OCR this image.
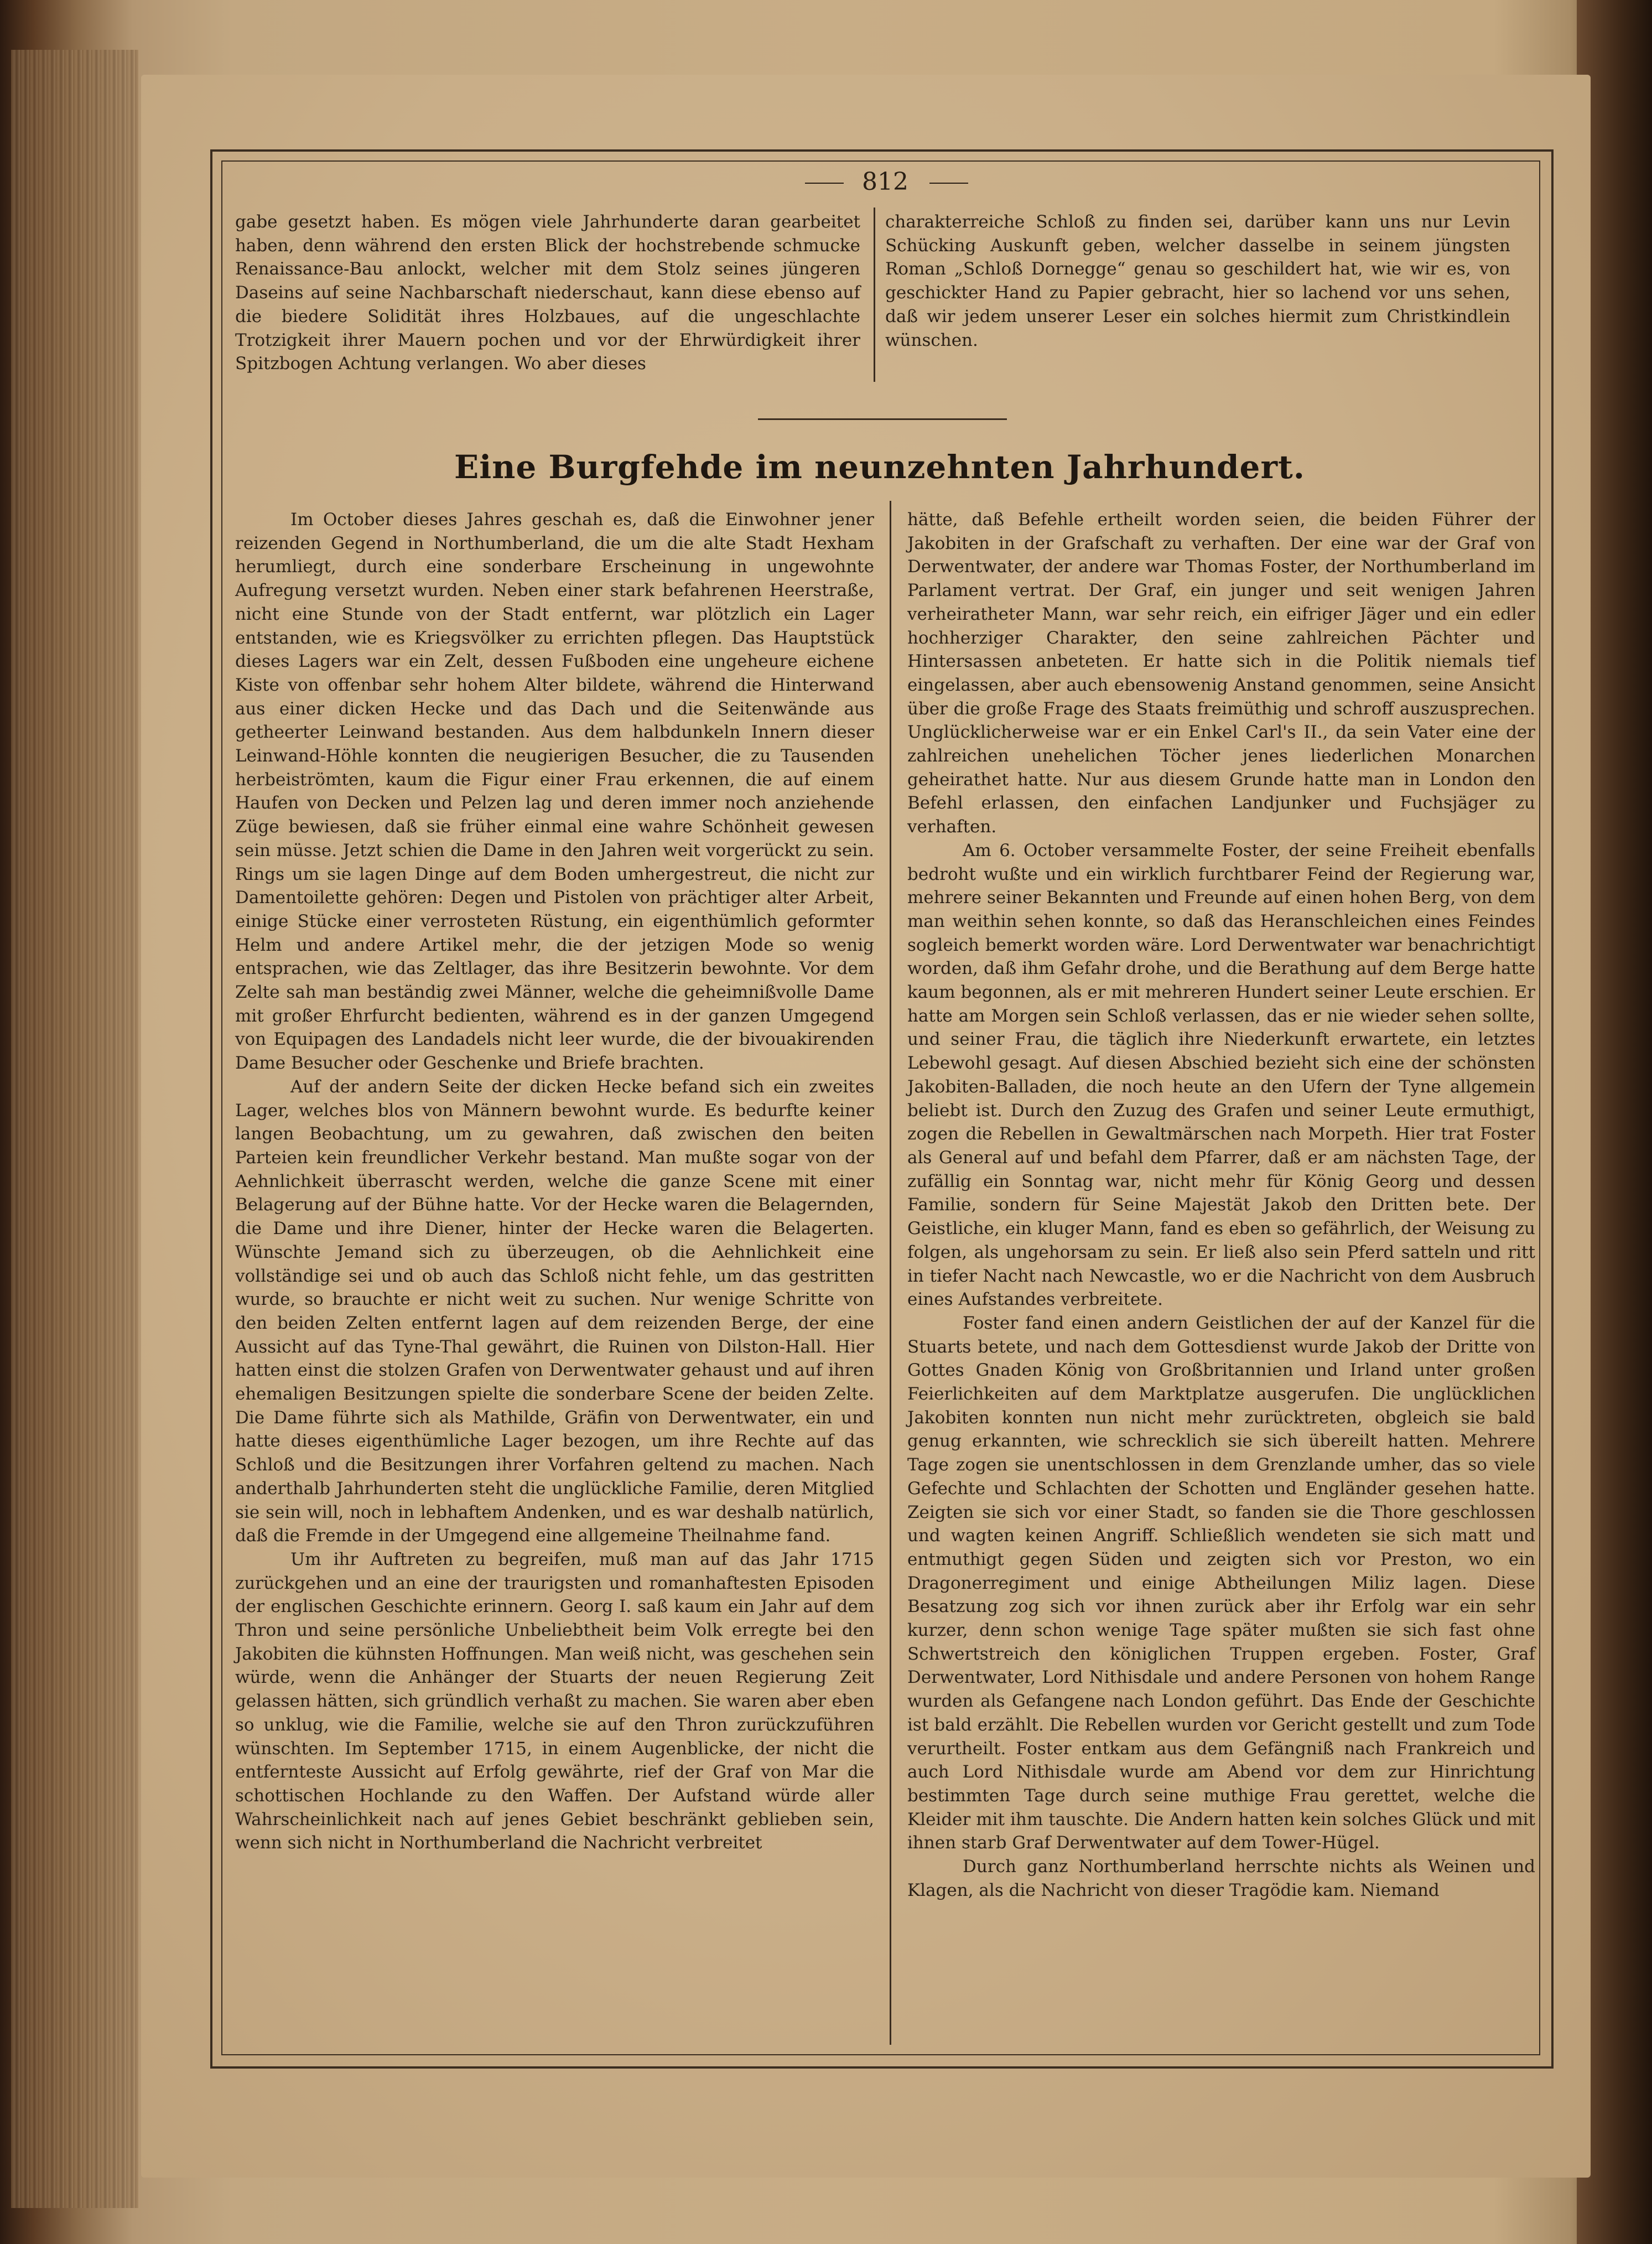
812

gabe gesetzt haben. Es mögen viele Jahrhunderte daran gearbeitet haben, denn während den ersten Blick der hochstrebende schmucke Renaissance-Bau anlockt, welcher mit dem Stolz seines jüngeren Daseins auf seine Nachbarschaft niederschaut, kann diese ebenso auf die biedere Solidität ihres Holzbaues, auf die ungeschlachte Trotzigkeit ihrer Mauern pochen und vor der Ehrwürdigkeit ihrer Spitzbogen Achtung verlangen. Wo aber dieses

charakterreiche Schloß zu finden sei, darüber kann uns nur Levin Schücking Auskunft geben, welcher dasselbe in seinem jüngsten Roman „Schloß Dornegge“ genau so geschildert hat, wie wir es, von geschickter Hand zu Papier gebracht, hier so lachend vor uns sehen, daß wir jedem unserer Leser ein solches hiermit zum Christkindlein wünschen.

Eine Burgfehde im neunzehnten Jahrhundert.

Im October dieses Jahres geschah es, daß die Einwohner jener reizenden Gegend in Northumberland, die um die alte Stadt Hexham herumliegt, durch eine sonderbare Erscheinung in ungewohnte Aufregung versetzt wurden. Neben einer stark befahrenen Heerstraße, nicht eine Stunde von der Stadt entfernt, war plötzlich ein Lager entstanden, wie es Kriegsvölker zu errichten pflegen. Das Hauptstück dieses Lagers war ein Zelt, dessen Fußboden eine ungeheure eichene Kiste von offenbar sehr hohem Alter bildete, während die Hinterwand aus einer dicken Hecke und das Dach und die Seitenwände aus getheerter Leinwand bestanden. Aus dem halbdunkeln Innern dieser Leinwand-Höhle konnten die neugierigen Besucher, die zu Tausenden herbeiströmten, kaum die Figur einer Frau erkennen, die auf einem Haufen von Decken und Pelzen lag und deren immer noch anziehende Züge bewiesen, daß sie früher einmal eine wahre Schönheit gewesen sein müsse. Jetzt schien die Dame in den Jahren weit vorgerückt zu sein. Rings um sie lagen Dinge auf dem Boden umhergestreut, die nicht zur Damentoilette gehören: Degen und Pistolen von prächtiger alter Arbeit, einige Stücke einer verrosteten Rüstung, ein eigenthümlich geformter Helm und andere Artikel mehr, die der jetzigen Mode so wenig entsprachen, wie das Zeltlager, das ihre Besitzerin bewohnte. Vor dem Zelte sah man beständig zwei Männer, welche die geheimnißvolle Dame mit großer Ehrfurcht bedienten, während es in der ganzen Umgegend von Equipagen des Landadels nicht leer wurde, die der bivouakirenden Dame Besucher oder Geschenke und Briefe brachten.

Auf der andern Seite der dicken Hecke befand sich ein zweites Lager, welches blos von Männern bewohnt wurde. Es bedurfte keiner langen Beobachtung, um zu gewahren, daß zwischen den beiten Parteien kein freundlicher Verkehr bestand. Man mußte sogar von der Aehnlichkeit überrascht werden, welche die ganze Scene mit einer Belagerung auf der Bühne hatte. Vor der Hecke waren die Belagernden, die Dame und ihre Diener, hinter der Hecke waren die Belagerten. Wünschte Jemand sich zu überzeugen, ob die Aehnlichkeit eine vollständige sei und ob auch das Schloß nicht fehle, um das gestritten wurde, so brauchte er nicht weit zu suchen. Nur wenige Schritte von den beiden Zelten entfernt lagen auf dem reizenden Berge, der eine Aussicht auf das Tyne-Thal gewährt, die Ruinen von Dilston-Hall. Hier hatten einst die stolzen Grafen von Derwentwater gehaust und auf ihren ehemaligen Besitzungen spielte die sonderbare Scene der beiden Zelte. Die Dame führte sich als Mathilde, Gräfin von Derwentwater, ein und hatte dieses eigenthümliche Lager bezogen, um ihre Rechte auf das Schloß und die Besitzungen ihrer Vorfahren geltend zu machen. Nach anderthalb Jahrhunderten steht die unglückliche Familie, deren Mitglied sie sein will, noch in lebhaftem Andenken, und es war deshalb natürlich, daß die Fremde in der Umgegend eine allgemeine Theilnahme fand.

Um ihr Auftreten zu begreifen, muß man auf das Jahr 1715 zurückgehen und an eine der traurigsten und romanhaftesten Episoden der englischen Geschichte erinnern. Georg I. saß kaum ein Jahr auf dem Thron und seine persönliche Unbeliebtheit beim Volk erregte bei den Jakobiten die kühnsten Hoffnungen. Man weiß nicht, was geschehen sein würde, wenn die Anhänger der Stuarts der neuen Regierung Zeit gelassen hätten, sich gründlich verhaßt zu machen. Sie waren aber eben so unklug, wie die Familie, welche sie auf den Thron zurückzuführen wünschten. Im September 1715, in einem Augenblicke, der nicht die entfernteste Aussicht auf Erfolg gewährte, rief der Graf von Mar die schottischen Hochlande zu den Waffen. Der Aufstand würde aller Wahrscheinlichkeit nach auf jenes Gebiet beschränkt geblieben sein, wenn sich nicht in Northumberland die Nachricht verbreitet

hätte, daß Befehle ertheilt worden seien, die beiden Führer der Jakobiten in der Grafschaft zu verhaften. Der eine war der Graf von Derwentwater, der andere war Thomas Foster, der Northumberland im Parlament vertrat. Der Graf, ein junger und seit wenigen Jahren verheiratheter Mann, war sehr reich, ein eifriger Jäger und ein edler hochherziger Charakter, den seine zahlreichen Pächter und Hintersassen anbeteten. Er hatte sich in die Politik niemals tief eingelassen, aber auch ebensowenig Anstand genommen, seine Ansicht über die große Frage des Staats freimüthig und schroff auszusprechen. Unglücklicherweise war er ein Enkel Carl's II., da sein Vater eine der zahlreichen unehelichen Töcher jenes liederlichen Monarchen geheirathet hatte. Nur aus diesem Grunde hatte man in London den Befehl erlassen, den einfachen Landjunker und Fuchsjäger zu verhaften.

Am 6. October versammelte Foster, der seine Freiheit ebenfalls bedroht wußte und ein wirklich furchtbarer Feind der Regierung war, mehrere seiner Bekannten und Freunde auf einen hohen Berg, von dem man weithin sehen konnte, so daß das Heranschleichen eines Feindes sogleich bemerkt worden wäre. Lord Derwentwater war benachrichtigt worden, daß ihm Gefahr drohe, und die Berathung auf dem Berge hatte kaum begonnen, als er mit mehreren Hundert seiner Leute erschien. Er hatte am Morgen sein Schloß verlassen, das er nie wieder sehen sollte, und seiner Frau, die täglich ihre Niederkunft erwartete, ein letztes Lebewohl gesagt. Auf diesen Abschied bezieht sich eine der schönsten Jakobiten-Balladen, die noch heute an den Ufern der Tyne allgemein beliebt ist. Durch den Zuzug des Grafen und seiner Leute ermuthigt, zogen die Rebellen in Gewaltmärschen nach Morpeth. Hier trat Foster als General auf und befahl dem Pfarrer, daß er am nächsten Tage, der zufällig ein Sonntag war, nicht mehr für König Georg und dessen Familie, sondern für Seine Majestät Jakob den Dritten bete. Der Geistliche, ein kluger Mann, fand es eben so gefährlich, der Weisung zu folgen, als ungehorsam zu sein. Er ließ also sein Pferd satteln und ritt in tiefer Nacht nach Newcastle, wo er die Nachricht von dem Ausbruch eines Aufstandes verbreitete.

Foster fand einen andern Geistlichen der auf der Kanzel für die Stuarts betete, und nach dem Gottesdienst wurde Jakob der Dritte von Gottes Gnaden König von Großbritannien und Irland unter großen Feierlichkeiten auf dem Marktplatze ausgerufen. Die unglücklichen Jakobiten konnten nun nicht mehr zurücktreten, obgleich sie bald genug erkannten, wie schrecklich sie sich übereilt hatten. Mehrere Tage zogen sie unentschlossen in dem Grenzlande umher, das so viele Gefechte und Schlachten der Schotten und Engländer gesehen hatte. Zeigten sie sich vor einer Stadt, so fanden sie die Thore geschlossen und wagten keinen Angriff. Schließlich wendeten sie sich matt und entmuthigt gegen Süden und zeigten sich vor Preston, wo ein Dragonerregiment und einige Abtheilungen Miliz lagen. Diese Besatzung zog sich vor ihnen zurück aber ihr Erfolg war ein sehr kurzer, denn schon wenige Tage später mußten sie sich fast ohne Schwertstreich den königlichen Truppen ergeben. Foster, Graf Derwentwater, Lord Nithisdale und andere Personen von hohem Range wurden als Gefangene nach London geführt. Das Ende der Geschichte ist bald erzählt. Die Rebellen wurden vor Gericht gestellt und zum Tode verurtheilt. Foster entkam aus dem Gefängniß nach Frankreich und auch Lord Nithisdale wurde am Abend vor dem zur Hinrichtung bestimmten Tage durch seine muthige Frau gerettet, welche die Kleider mit ihm tauschte. Die Andern hatten kein solches Glück und mit ihnen starb Graf Derwentwater auf dem Tower-Hügel.

Durch ganz Northumberland herrschte nichts als Weinen und Klagen, als die Nachricht von dieser Tragödie kam. Niemand
